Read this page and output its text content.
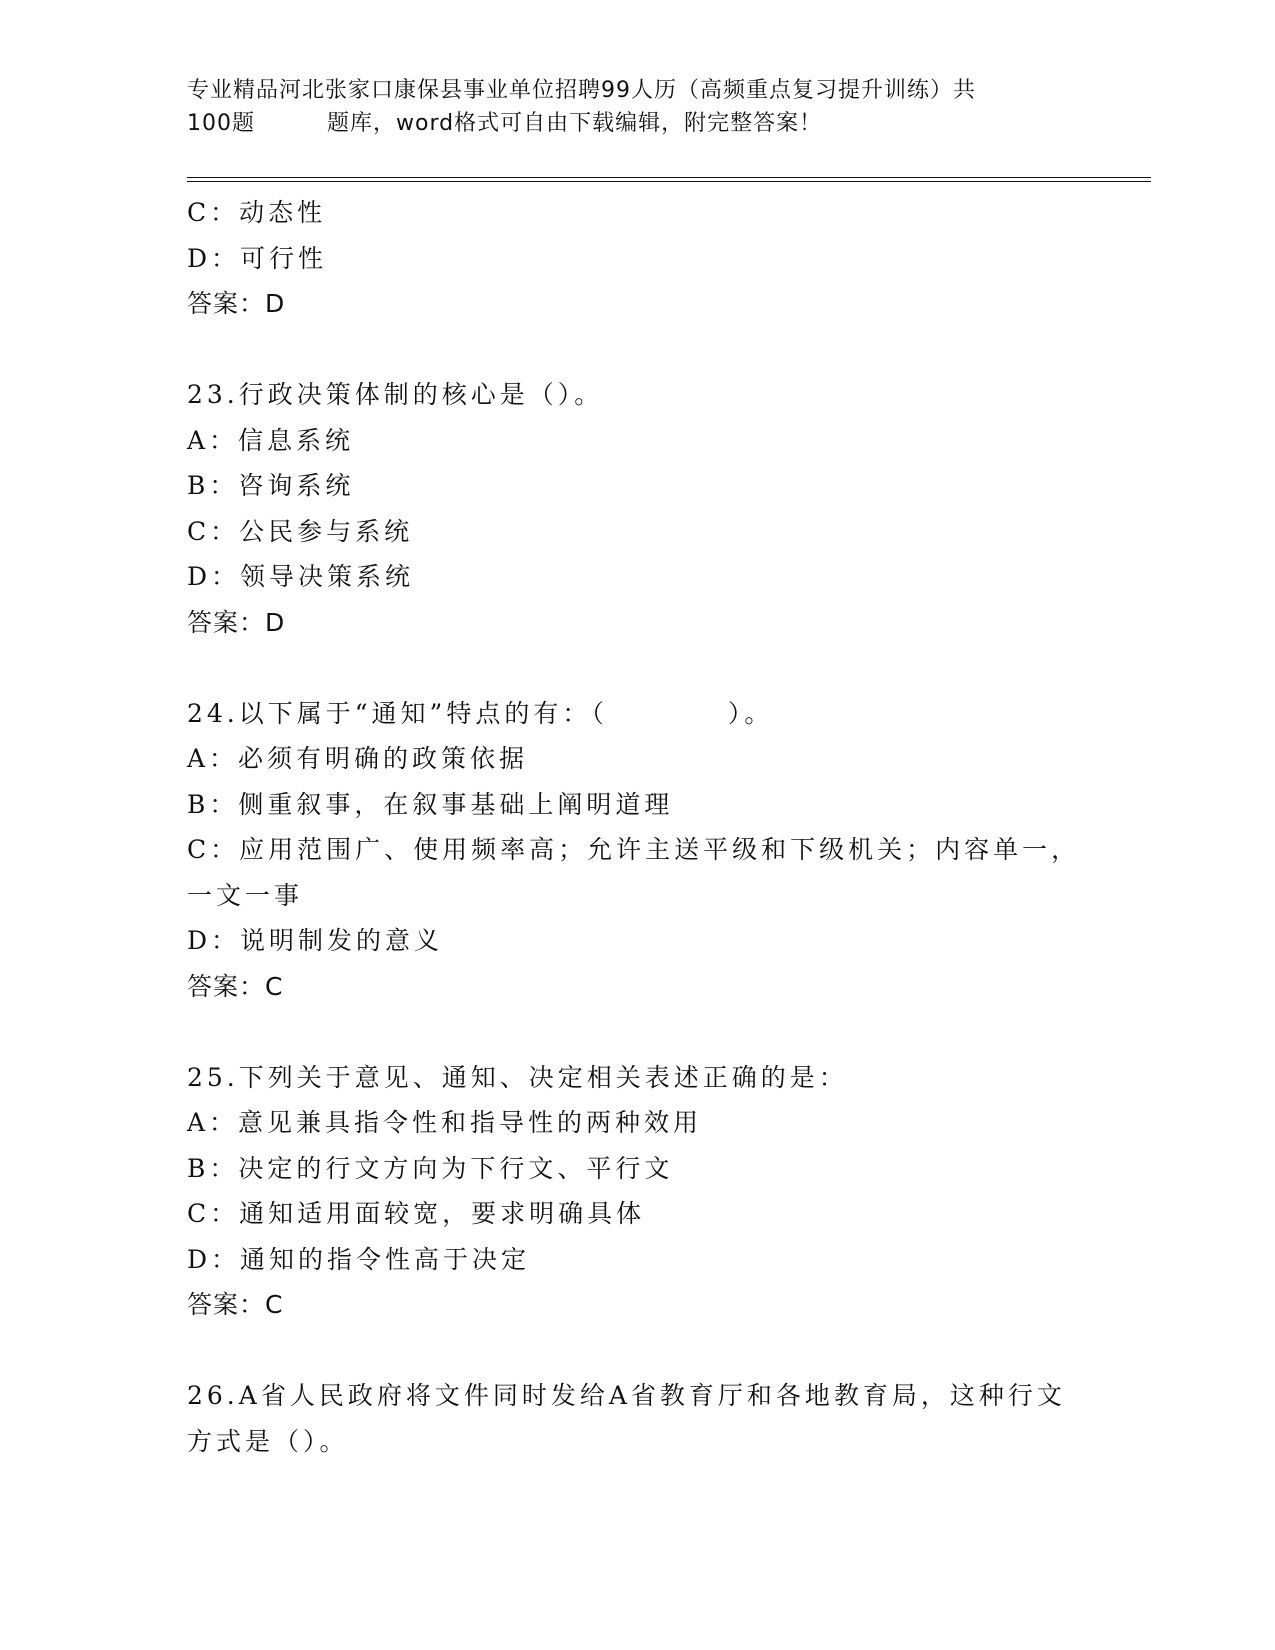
专业精品河北张家口康保县事业单位招聘99人历（高频重点复习提升训练）共
100题	题库，word格式可自由下载编辑，附完整答案！
C：动态性
D：可行性
答案：D
23.行政决策体制的核心是（）。
A：信息系统
B：咨询系统
C：公民参与系统
D：领导决策系统
答案：D
24.以下属于“通知”特点的有：（	）。
A：必须有明确的政策依据
B：侧重叙事，在叙事基础上阐明道理
C：应用范围广、使用频率高；允许主送平级和下级机关；内容单一，
一文一事
D：说明制发的意义
答案：C
25.下列关于意见、通知、决定相关表述正确的是：
A：意见兼具指令性和指导性的两种效用
B：决定的行文方向为下行文、平行文
C：通知适用面较宽，要求明确具体
D：通知的指令性高于决定
答案：C
26.A省人民政府将文件同时发给A省教育厅和各地教育局，这种行文
方式是（）。
